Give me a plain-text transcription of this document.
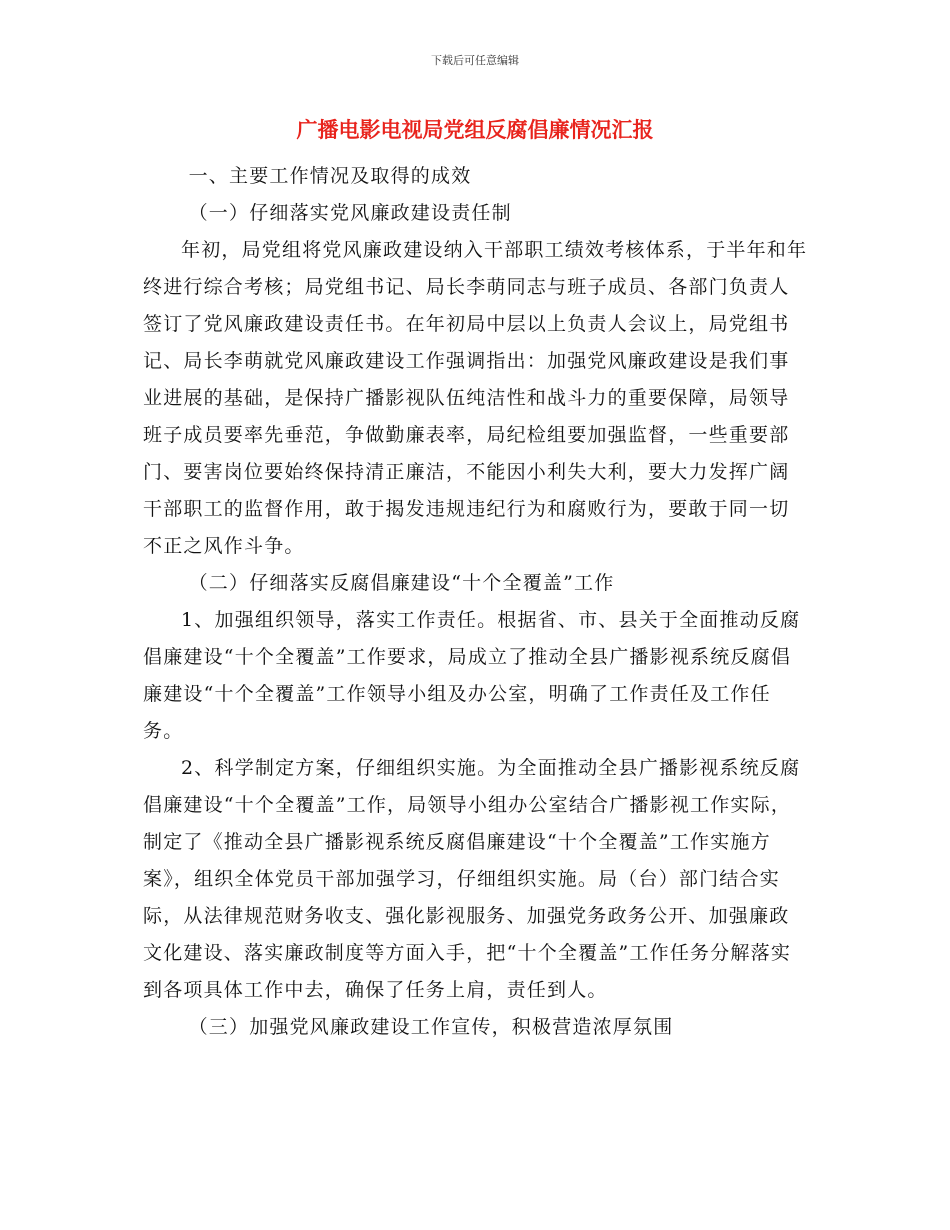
下载后可任意编辑
广播电影电视局党组反腐倡廉情况汇报

一、主要工作情况及取得的成效

（一）仔细落实党风廉政建设责任制

年初，局党组将党风廉政建设纳入干部职工绩效考核体系，于半年和年终进行综合考核；局党组书记、局长李萌同志与班子成员、各部门负责人签订了党风廉政建设责任书。在年初局中层以上负责人会议上，局党组书记、局长李萌就党风廉政建设工作强调指出：加强党风廉政建设是我们事业进展的基础，是保持广播影视队伍纯洁性和战斗力的重要保障，局领导班子成员要率先垂范，争做勤廉表率，局纪检组要加强监督，一些重要部门、要害岗位要始终保持清正廉洁，不能因小利失大利，要大力发挥广阔干部职工的监督作用，敢于揭发违规违纪行为和腐败行为，要敢于同一切不正之风作斗争。

（二）仔细落实反腐倡廉建设“十个全覆盖”工作

1、加强组织领导，落实工作责任。根据省、市、县关于全面推动反腐倡廉建设“十个全覆盖”工作要求，局成立了推动全县广播影视系统反腐倡廉建设“十个全覆盖”工作领导小组及办公室，明确了工作责任及工作任务。

2、科学制定方案，仔细组织实施。为全面推动全县广播影视系统反腐倡廉建设“十个全覆盖”工作，局领导小组办公室结合广播影视工作实际，制定了《推动全县广播影视系统反腐倡廉建设“十个全覆盖”工作实施方案》，组织全体党员干部加强学习，仔细组织实施。局（台）部门结合实际，从法律规范财务收支、强化影视服务、加强党务政务公开、加强廉政文化建设、落实廉政制度等方面入手，把“十个全覆盖”工作任务分解落实到各项具体工作中去，确保了任务上肩，责任到人。

（三）加强党风廉政建设工作宣传，积极营造浓厚氛围
